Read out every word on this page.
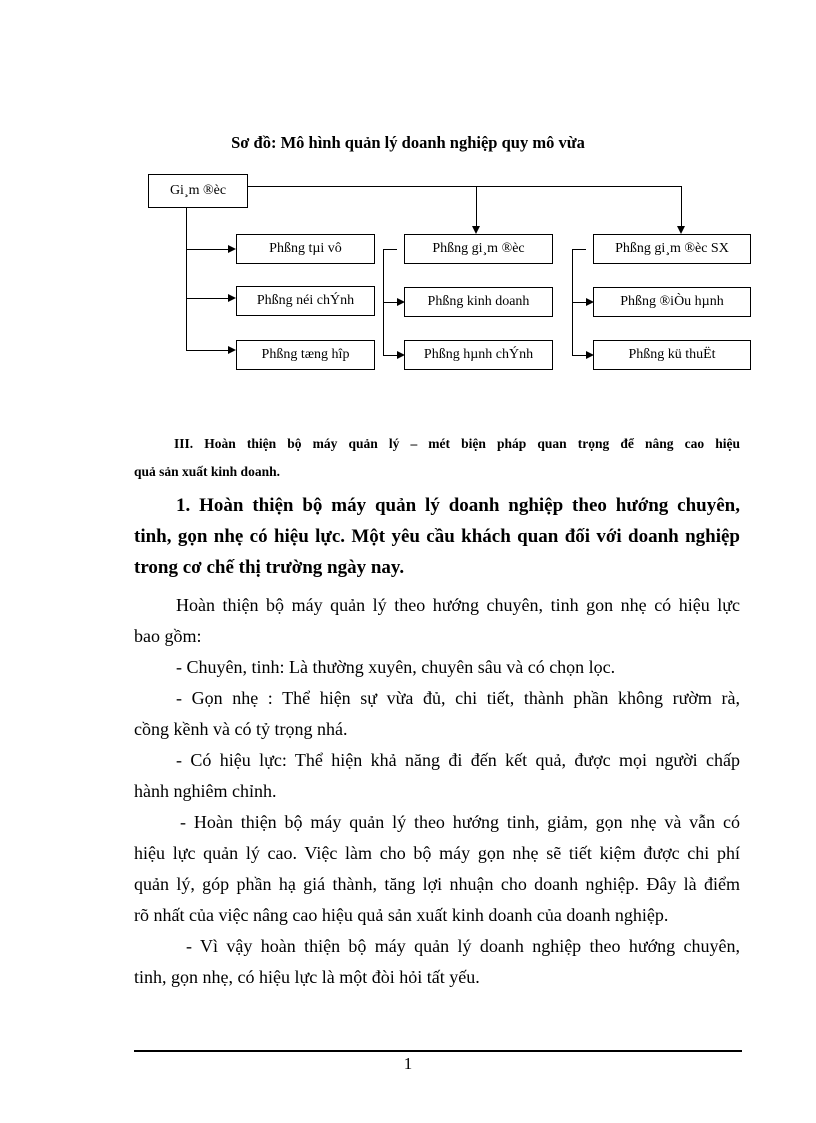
Sơ đồ: Mô hình quản lý doanh nghiệp quy mô vừa
Gi¸m ®èc
Phßng tµi vô
Phßng néi chÝnh
Phßng tæng hîp
Phßng gi¸m ®èc
Phßng kinh doanh
Phßng hµnh chÝnh
Phßng gi¸m ®èc SX
Phßng ®iÒu hµnh
Phßng kü thuËt
III. Hoàn thiện bộ máy quản lý – mét biện pháp quan trọng để nâng cao hiệu
quả sản xuất kinh doanh.
1. Hoàn thiện bộ máy quản lý doanh nghiệp theo hướng chuyên,
tinh, gọn nhẹ có hiệu lực. Một yêu cầu khách quan đối với doanh nghiệp
trong cơ chế thị trường ngày nay.
Hoàn thiện bộ máy quản lý theo hướng chuyên, tinh gon nhẹ có hiệu lực
bao gồm:
- Chuyên, tinh: Là thường xuyên, chuyên sâu và có chọn lọc.
- Gọn nhẹ : Thể hiện sự vừa đủ, chi tiết, thành phần không rườm rà,
cồng kềnh và có tỷ trọng nhá.
- Có hiệu lực: Thể hiện khả năng đi đến kết quả, được mọi người chấp
hành nghiêm chỉnh.
- Hoàn thiện bộ máy quản lý theo hướng tinh, giảm, gọn nhẹ và vẫn có
hiệu lực quản lý cao. Việc làm cho bộ máy gọn nhẹ sẽ tiết kiệm được chi phí
quản lý, góp phần hạ giá thành, tăng lợi nhuận cho doanh nghiệp. Đây là điểm
rõ nhất của việc nâng cao hiệu quả sản xuất kinh doanh của doanh nghiệp.
- Vì vậy hoàn thiện bộ máy quản lý doanh nghiệp theo hướng chuyên,
tinh, gọn nhẹ, có hiệu lực là một đòi hỏi tất yếu.
1
